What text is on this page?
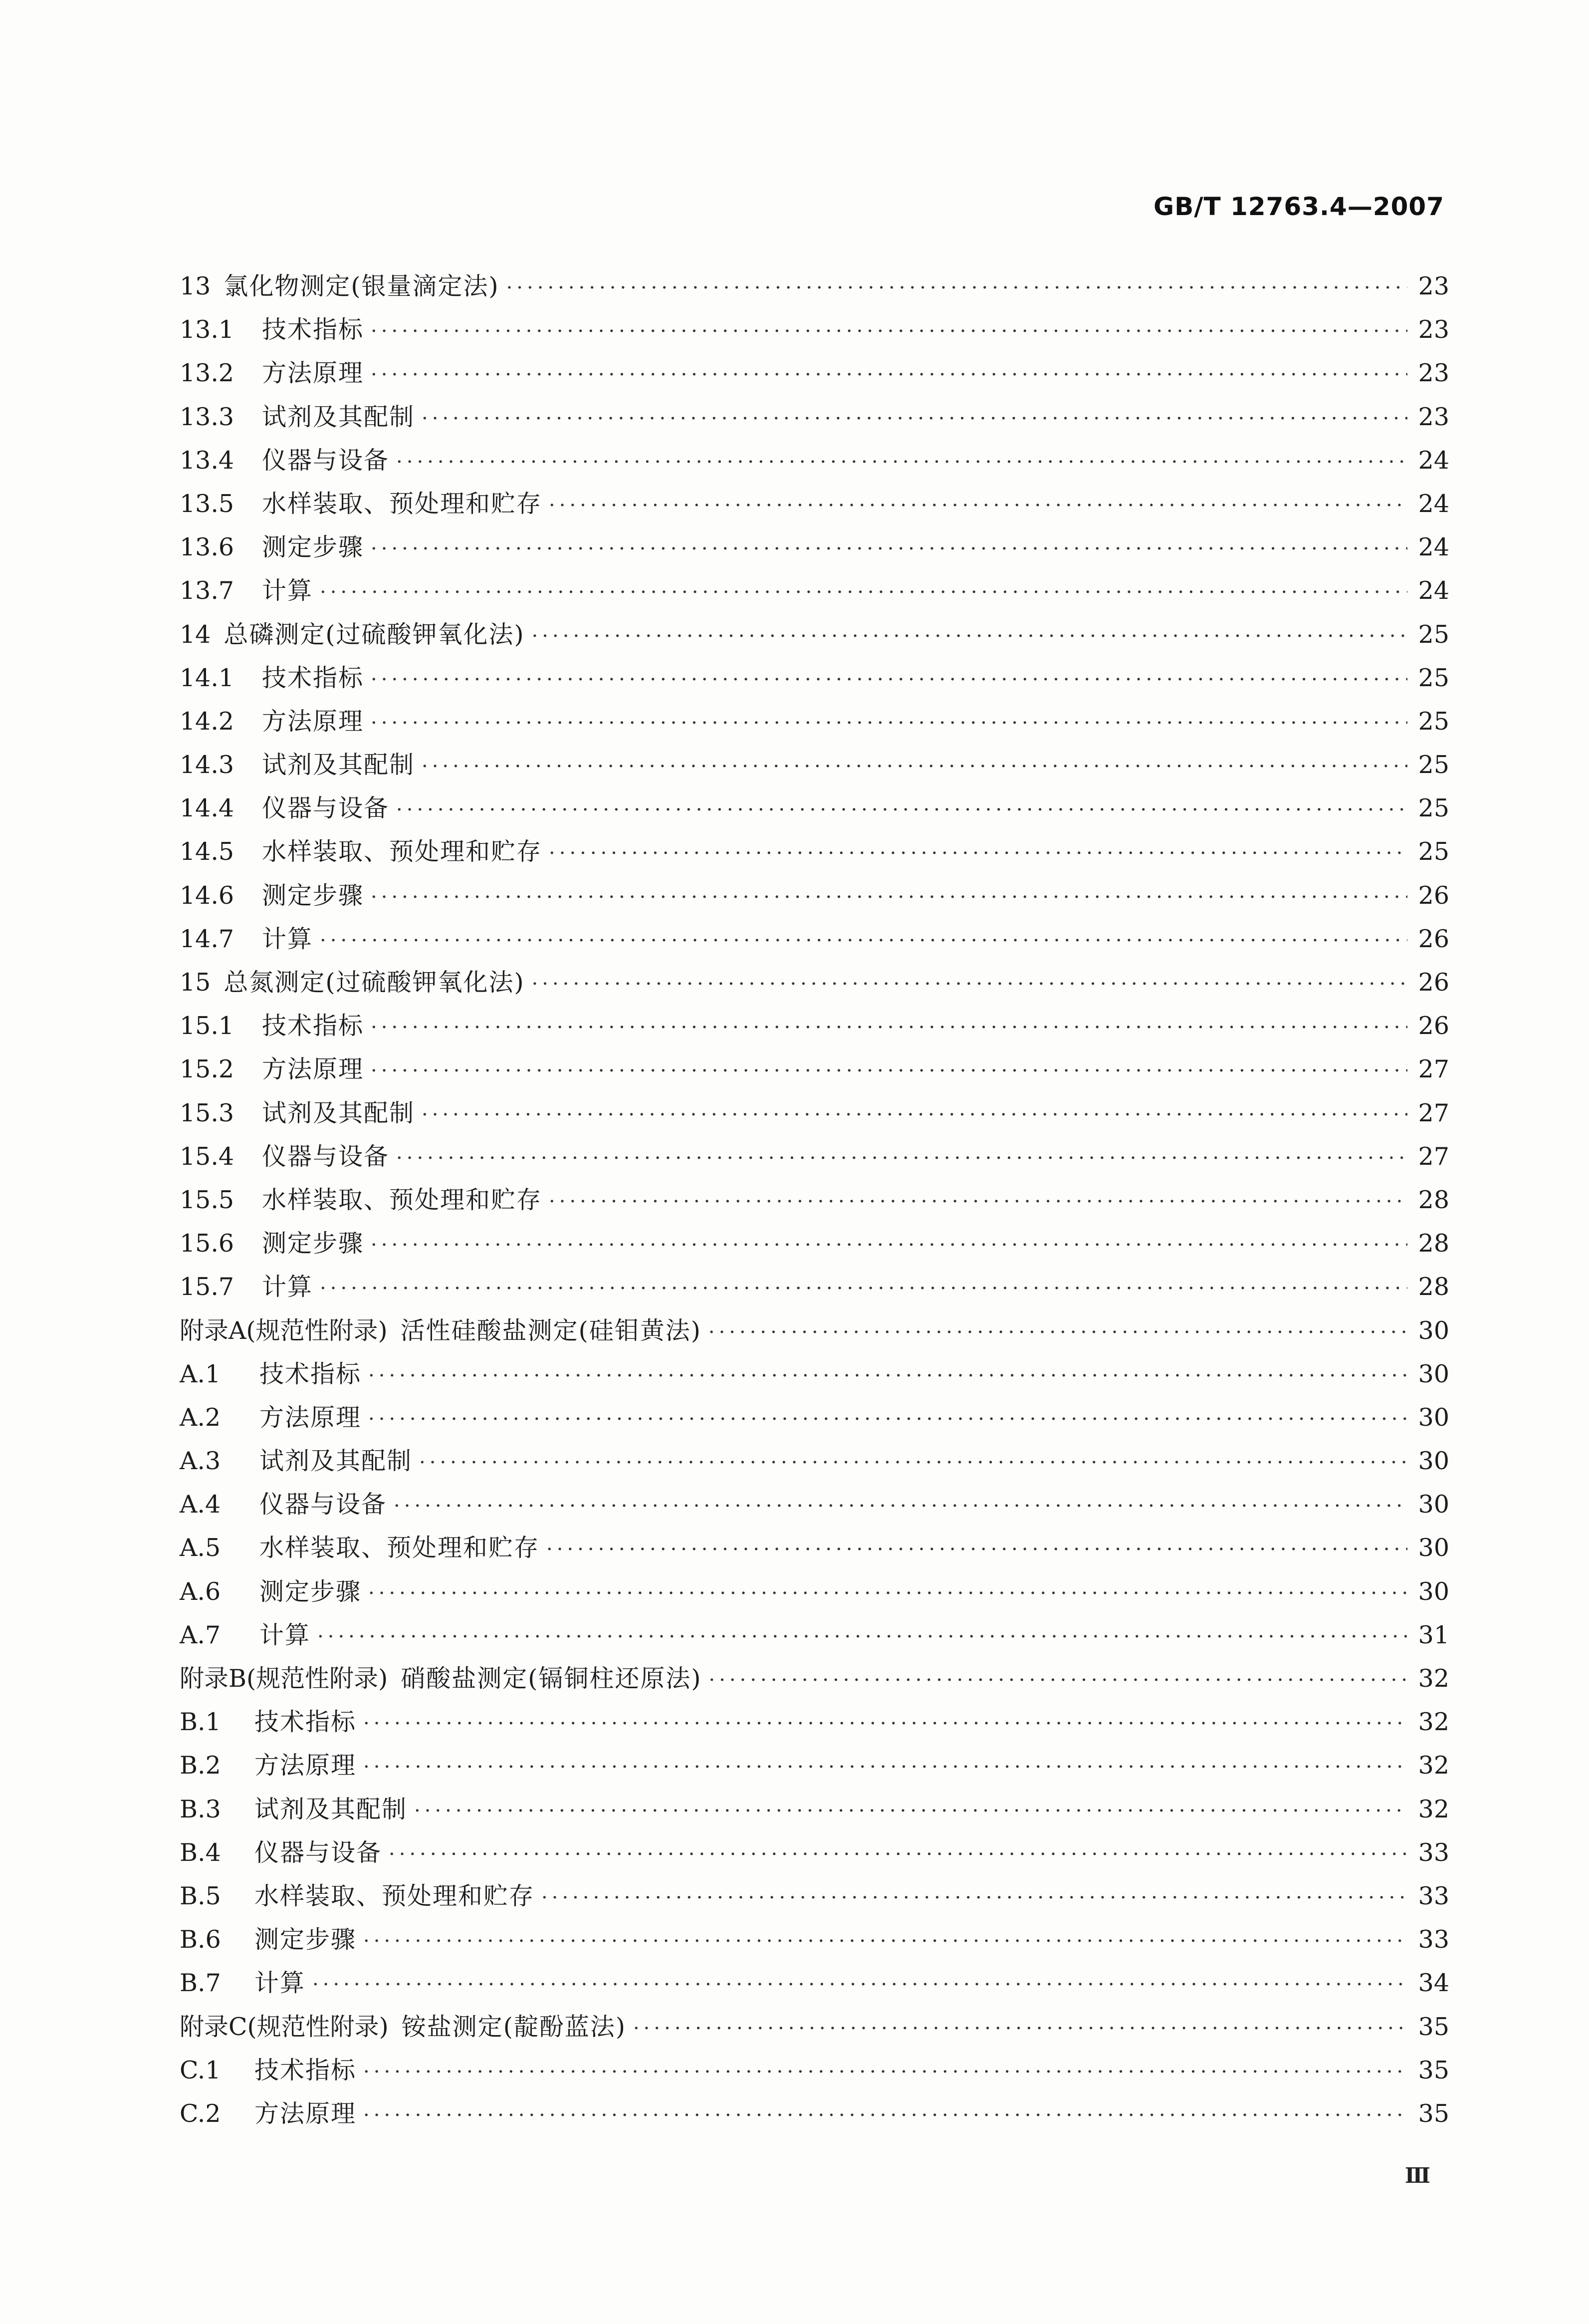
GB/T 12763.4—2007
13 氯化物测定(银量滴定法) ·····	23
13.1	技术指标 ·····	23
13.2	方法原理 ·····	23
13.3	试剂及其配制 ·····	23
13.4	仪器与设备 ·····	24
13.5	水样装取、预处理和贮存 ·····	24
13.6	测定步骤 ·····	24
13.7	计算 ·····	24
14 总磷测定(过硫酸钾氧化法) ·····	25
14.1	技术指标 ·····	25
14.2	方法原理 ·····	25
14.3	试剂及其配制 ·····	25
14.4	仪器与设备 ·····	25
14.5	水样装取、预处理和贮存 ·····	25
14.6	测定步骤 ·····	26
14.7	计算 ·····	26
15 总氮测定(过硫酸钾氧化法) ·····	26
15.1	技术指标 ·····	26
15.2	方法原理 ·····	27
15.3	试剂及其配制 ·····	27
15.4	仪器与设备 ·····	27
15.5	水样装取、预处理和贮存 ·····	28
15.6	测定步骤 ·····	28
15.7	计算 ·····	28
附录A(规范性附录) 活性硅酸盐测定(硅钼黄法) ·····	30
A.1	技术指标 ·····	30
A.2	方法原理 ·····	30
A.3	试剂及其配制 ·····	30
A.4	仪器与设备 ·····	30
A.5	水样装取、预处理和贮存 ·····	30
A.6	测定步骤 ·····	30
A.7	计算 ·····	31
附录B(规范性附录) 硝酸盐测定(镉铜柱还原法) ·····	32
B.1	技术指标 ·····	32
B.2	方法原理 ·····	32
B.3	试剂及其配制 ·····	32
B.4	仪器与设备 ·····	33
B.5	水样装取、预处理和贮存 ·····	33
B.6	测定步骤 ·····	33
B.7	计算 ·····	34
附录C(规范性附录) 铵盐测定(靛酚蓝法) ·····	35
C.1	技术指标 ·····	35
C.2	方法原理 ·····	35
Ⅲ
